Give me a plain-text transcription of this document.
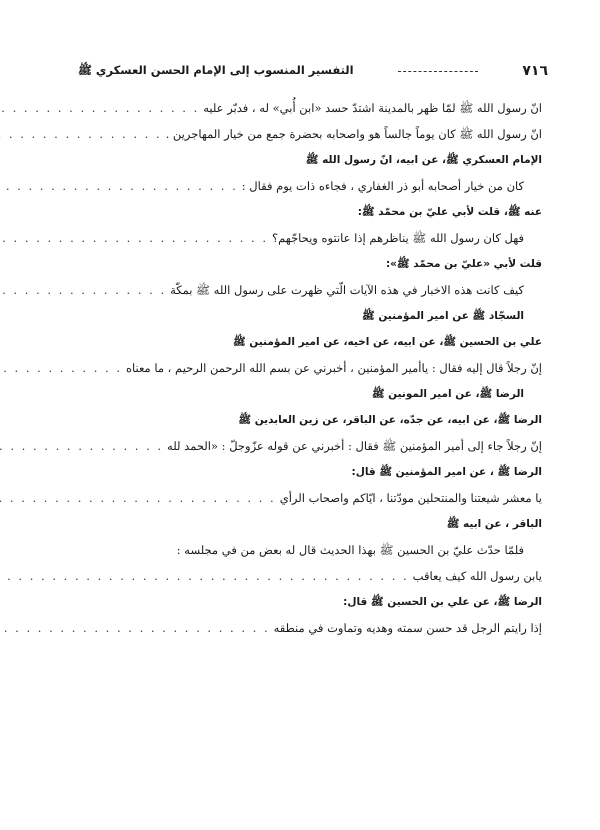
٧١٦
التفسير المنسوب إلى الإمام الحسن العسكري ﷺ
انّ رسول الله ﷺ لمّا ظهر بالمدينة اشتدّ حسد «ابن أُبي» له ، فدبّر عليه
. . .
انّ رسول الله ﷺ كان يوماً جالساً هو واصحابه بحضرة جمع من خيار المهاجرين .
. . .
الإمام العسكري ﷺ، عن ابيه، انّ رسول الله ﷺ
كان من خيار أصحابه أبو ذر الغفاري ، فجاءه ذات يوم فقال :
. . .
عنه ﷺ، قلت لأبي عليّ بن محمّد ﷺ:
فهل كان رسول الله ﷺ يناظرهم إذا عانتوه ويحاجّهم؟
. . .
قلت لأبي «عليّ بن محمّد ﷺ»:
كيف كانت هذه الاخبار في هذه الآيات الّتي ظهرت على رسول الله ﷺ بمكّة
. . .
السجّاد ﷺ عن امير المؤمنين ﷺ
علي بن الحسين ﷺ، عن ابيه، عن اخيه، عن امير المؤمنين ﷺ
إنّ رجلاً قال إليه فقال : ياأمير المؤمنين ، أخبرني عن بسم الله الرحمن الرحيم ، ما معناه
. . .
الرضا ﷺ، عن امير المونين ﷺ
الرضا ﷺ، عن ابيه، عن جدّه، عن الباقر، عن زين العابدين ﷺ
إنّ رجلاً جاء إلى أمير المؤمنين ﷺ فقال : أخبرني عن قوله عزّوجلّ : «الحمد لله
. . .
الرضا ﷺ ، عن امير المؤمنين ﷺ قال:
يا معشر شيعتنا والمنتحلين مودّتنا ، ايّاكم واصحاب الرأي
. . .
الباقر ، عن ابيه ﷺ
فلمّا حدّث عليّ بن الحسين ﷺ بهذا الحديث قال له بعض من في مجلسه :
يابن رسول الله كيف يعاقب
. . .
الرضا ﷺ، عن علي بن الحسين ﷺ قال:
إذا رايتم الرجل قد حسن سمته وهديه وتماوت في منطقه
. . .
